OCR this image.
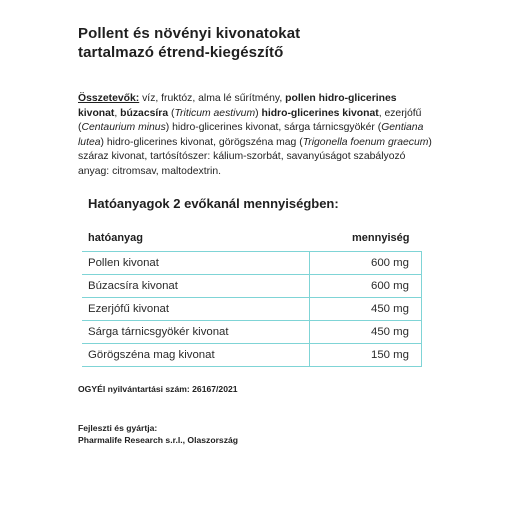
Pollent és növényi kivonatokat
tartalmazó étrend-kiegészítő
Összetevők: víz, fruktóz, alma lé sűrítmény, pollen hidro-glicerines kivonat, búzacsíra (Triticum aestivum) hidro-glicerines kivonat, ezerjófű (Centaurium minus) hidro-glicerines kivonat, sárga tárnicsgyökér (Gentiana lutea) hidro-glicerines kivonat, görögszéna mag (Trigonella foenum graecum) száraz kivonat, tartósítószer: kálium-szorbát, savanyúságot szabályozó anyag: citromsav, maltodextrin.
Hatóanyagok 2 evőkanál mennyiségben:
hatóanyag	mennyiség
Pollen kivonat	600 mg
Búzacsíra kivonat	600 mg
Ezerjófű kivonat	450 mg
Sárga tárnicsgyökér kivonat	450 mg
Görögszéna mag kivonat	150 mg
OGYÉI nyilvántartási szám: 26167/2021
Fejleszti és gyártja:
Pharmalife Research s.r.l., Olaszország
